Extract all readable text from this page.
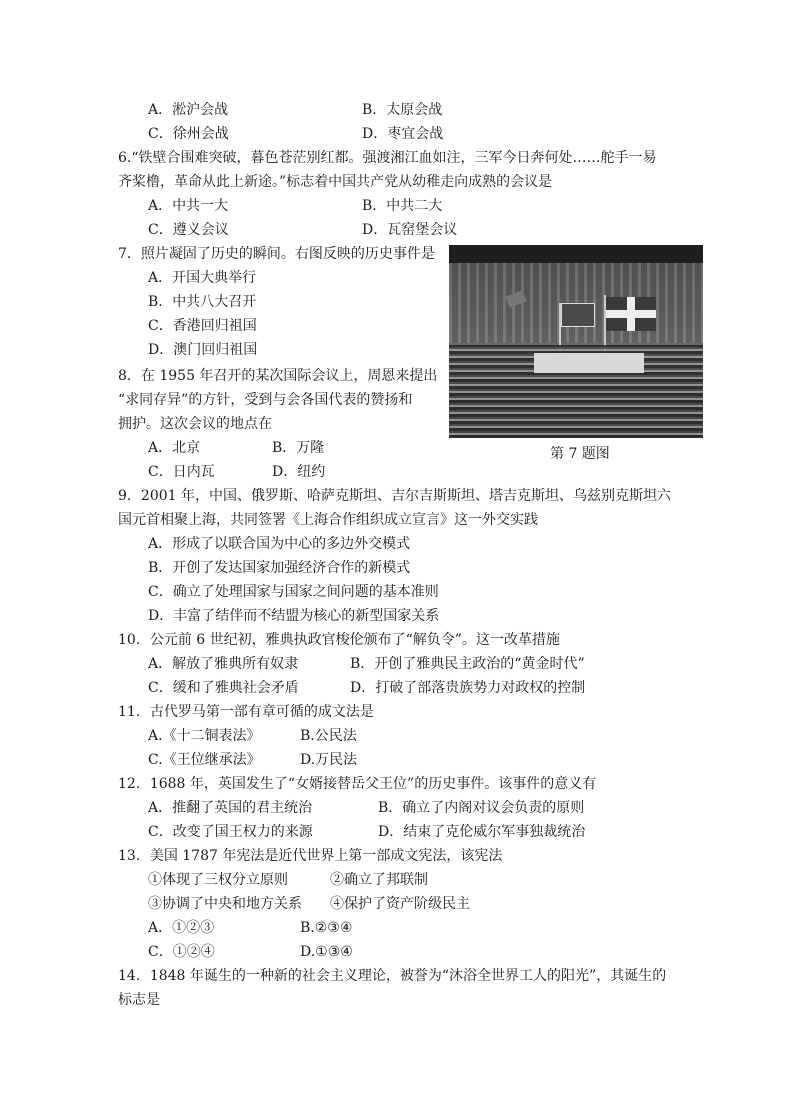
A．淞沪会战	B．太原会战
C．徐州会战	D．枣宜会战
6.“铁壁合围难突破，暮色苍茫别红都。强渡湘江血如注，三军今日奔何处……舵手一易
齐桨橹，革命从此上新途。”标志着中国共产党从幼稚走向成熟的会议是
A．中共一大	B．中共二大
C．遵义会议	D．瓦窑堡会议
7．照片凝固了历史的瞬间。右图反映的历史事件是
A．开国大典举行
B．中共八大召开
C．香港回归祖国
D．澳门回归祖国
第 7 题图
8．在 1955 年召开的某次国际会议上，周恩来提出
“求同存异”的方针，受到与会各国代表的赞扬和
拥护。这次会议的地点在
A．北京	B．万隆
C．日内瓦	D．纽约
9．2001 年，中国、俄罗斯、哈萨克斯坦、吉尔吉斯斯坦、塔吉克斯坦、乌兹别克斯坦六
国元首相聚上海，共同签署《上海合作组织成立宣言》这一外交实践
A．形成了以联合国为中心的多边外交模式
B．开创了发达国家加强经济合作的新模式
C．确立了处理国家与国家之间问题的基本准则
D．丰富了结伴而不结盟为核心的新型国家关系
10．公元前 6 世纪初，雅典执政官梭伦颁布了“解负令”。这一改革措施
A．解放了雅典所有奴隶	B．开创了雅典民主政治的“黄金时代”
C．缓和了雅典社会矛盾	D．打破了部落贵族势力对政权的控制
11．古代罗马第一部有章可循的成文法是
A.《十二铜表法》	B.公民法
C.《王位继承法》	D.万民法
12．1688 年，英国发生了“女婿接替岳父王位”的历史事件。该事件的意义有
A．推翻了英国的君主统治	B．确立了内阁对议会负责的原则
C．改变了国王权力的来源	D．结束了克伦威尔军事独裁统治
13．美国 1787 年宪法是近代世界上第一部成文宪法，该宪法
①体现了三权分立原则	②确立了邦联制
③协调了中央和地方关系 ④保护了资产阶级民主
A．①②③	B.②③④
C．①②④	D.①③④
14．1848 年诞生的一种新的社会主义理论，被誉为“沐浴全世界工人的阳光”，其诞生的
标志是
